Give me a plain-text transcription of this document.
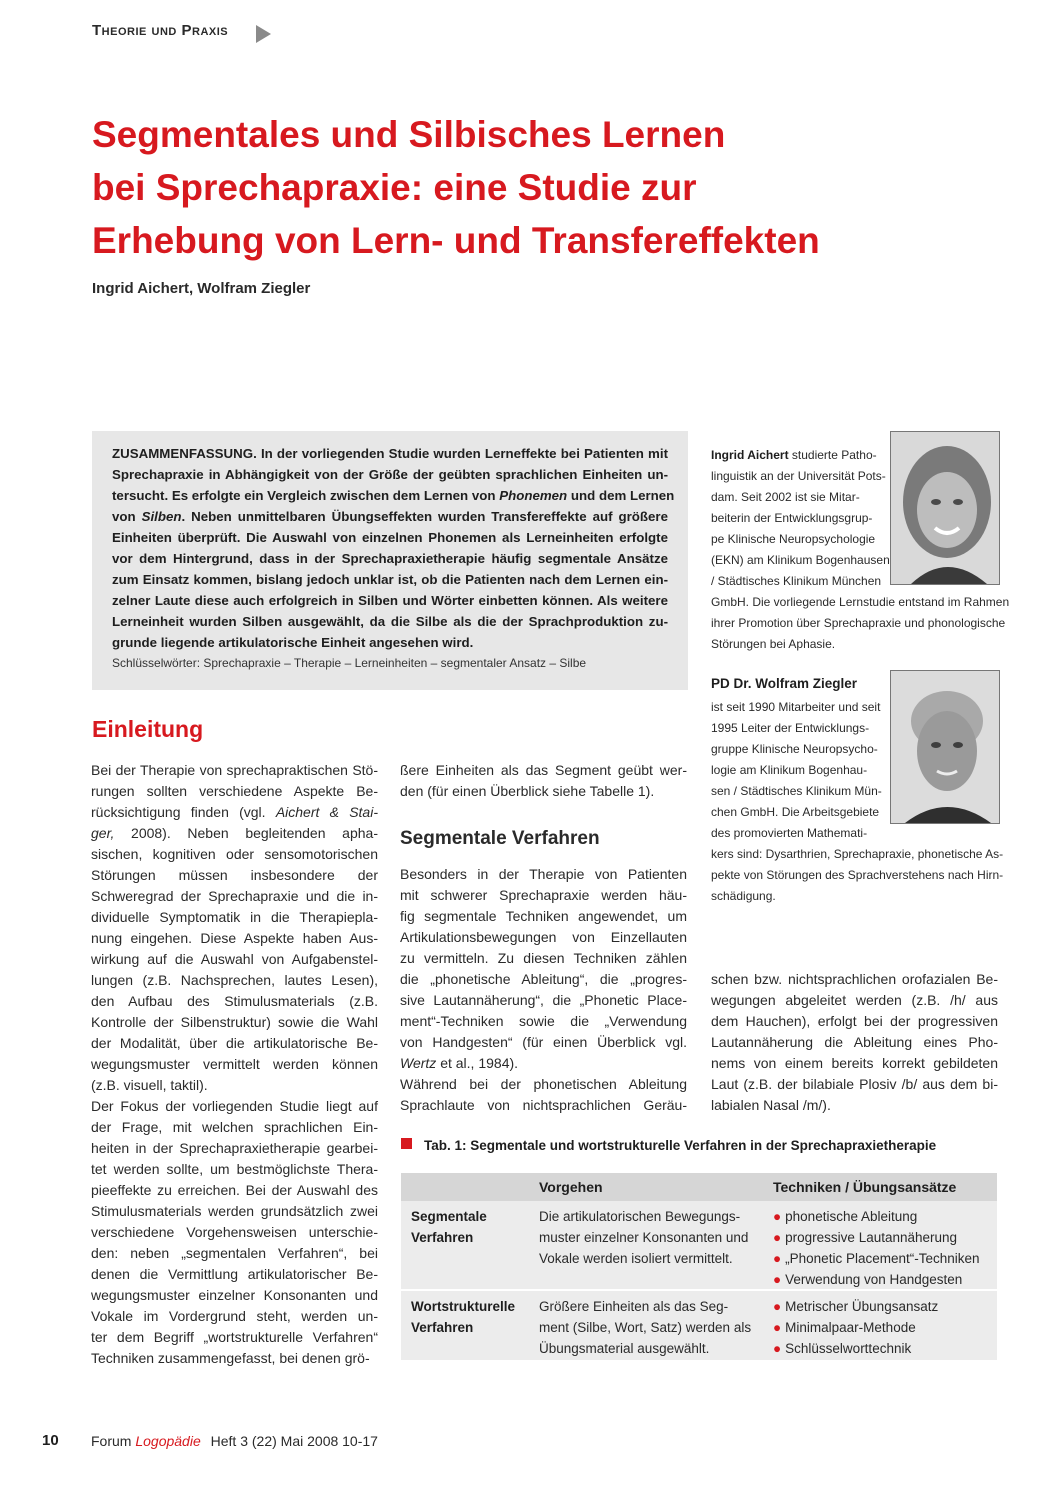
Theorie und Praxis
Segmentales und Silbisches Lernen
bei Sprechapraxie: eine Studie zur
Erhebung von Lern- und Transfereffekten
Ingrid Aichert, Wolfram Ziegler
ZUSAMMENFASSUNG. In der vorliegenden Studie wurden Lerneffekte bei Patienten mit
Sprechapraxie in Abhängigkeit von der Größe der geübten sprachlichen Einheiten un-
tersucht. Es erfolgte ein Vergleich zwischen dem Lernen von Phonemen und dem Lernen
von Silben. Neben unmittelbaren Übungseffekten wurden Transfereffekte auf größere
Einheiten überprüft. Die Auswahl von einzelnen Phonemen als Lerneinheiten erfolgte
vor dem Hintergrund, dass in der Sprechapraxietherapie häufig segmentale Ansätze
zum Einsatz kommen, bislang jedoch unklar ist, ob die Patienten nach dem Lernen ein-
zelner Laute diese auch erfolgreich in Silben und Wörter einbetten können. Als weitere
Lerneinheit wurden Silben ausgewählt, da die Silbe als die der Sprachproduktion zu-
grunde liegende artikulatorische Einheit angesehen wird.
Schlüsselwörter: Sprechapraxie – Therapie – Lerneinheiten – segmentaler Ansatz – Silbe
Ingrid Aichert studierte Patho-
linguistik an der Universität Pots-
dam. Seit 2002 ist sie Mitar-
beiterin der Entwicklungsgrup-
pe Klinische Neuropsychologie
(EKN) am Klinikum Bogenhausen
/ Städtisches Klinikum München
GmbH. Die vorliegende Lernstudie entstand im Rahmen
ihrer Promotion über Sprechapraxie und phonologische
Störungen bei Aphasie.
PD Dr. Wolfram Ziegler
ist seit 1990 Mitarbeiter und seit
1995 Leiter der Entwicklungs-
gruppe Klinische Neuropsycho-
logie am Klinikum Bogenhau-
sen / Städtisches Klinikum Mün-
chen GmbH. Die Arbeitsgebiete
des promovierten Mathemati-
kers sind: Dysarthrien, Sprechapraxie, phonetische As-
pekte von Störungen des Sprachverstehens nach Hirn-
schädigung.
Einleitung
Segmentale Verfahren
Bei der Therapie von sprechapraktischen Stö-
rungen sollten verschiedene Aspekte Be-
rücksichtigung finden (vgl. Aichert & Stai-
ger, 2008). Neben begleitenden apha-
sischen, kognitiven oder sensomotorischen
Störungen müssen insbesondere der
Schweregrad der Sprechapraxie und die in-
dividuelle Symptomatik in die Therapiepla-
nung eingehen. Diese Aspekte haben Aus-
wirkung auf die Auswahl von Aufgabenstel-
lungen (z.B. Nachsprechen, lautes Lesen),
den Aufbau des Stimulusmaterials (z.B.
Kontrolle der Silbenstruktur) sowie die Wahl
der Modalität, über die artikulatorische Be-
wegungsmuster vermittelt werden können
(z.B. visuell, taktil).
Der Fokus der vorliegenden Studie liegt auf
der Frage, mit welchen sprachlichen Ein-
heiten in der Sprechapraxietherapie gearbei-
tet werden sollte, um bestmöglichste Thera-
pieeffekte zu erreichen. Bei der Auswahl des
Stimulusmaterials werden grundsätzlich zwei
verschiedene Vorgehensweisen unterschie-
den: neben „segmentalen Verfahren“, bei
denen die Vermittlung artikulatorischer Be-
wegungsmuster einzelner Konsonanten und
Vokale im Vordergrund steht, werden un-
ter dem Begriff „wortstrukturelle Verfahren“
Techniken zusammengefasst, bei denen grö-
ßere Einheiten als das Segment geübt wer-
den (für einen Überblick siehe Tabelle 1).
Besonders in der Therapie von Patienten
mit schwerer Sprechapraxie werden häu-
fig segmentale Techniken angewendet, um
Artikulationsbewegungen von Einzellauten
zu vermitteln. Zu diesen Techniken zählen
die „phonetische Ableitung“, die „progres-
sive Lautannäherung“, die „Phonetic Place-
ment“-Techniken sowie die „Verwendung
von Handgesten“ (für einen Überblick vgl.
Wertz et al., 1984).
Während bei der phonetischen Ableitung
Sprachlaute von nichtsprachlichen Geräu-
schen bzw. nichtsprachlichen orofazialen Be-
wegungen abgeleitet werden (z.B. /h/ aus
dem Hauchen), erfolgt bei der progressiven
Lautannäherung die Ableitung eines Pho-
nems von einem bereits korrekt gebildeten
Laut (z.B. der bilabiale Plosiv /b/ aus dem bi-
labialen Nasal /m/).
Tab. 1: Segmentale und wortstrukturelle Verfahren in der Sprechapraxietherapie
Vorgehen	Techniken / Übungsansätze
Segmentale
Verfahren
Die artikulatorischen Bewegungs-
muster einzelner Konsonanten und
Vokale werden isoliert vermittelt.
● phonetische Ableitung
● progressive Lautannäherung
● „Phonetic Placement“-Techniken
● Verwendung von Handgesten
Wortstrukturelle
Verfahren
Größere Einheiten als das Seg-
ment (Silbe, Wort, Satz) werden als
Übungsmaterial ausgewählt.
● Metrischer Übungsansatz
● Minimalpaar-Methode
● Schlüsselworttechnik
10 Forum Logopädie Heft 3 (22) Mai 2008 10-17
